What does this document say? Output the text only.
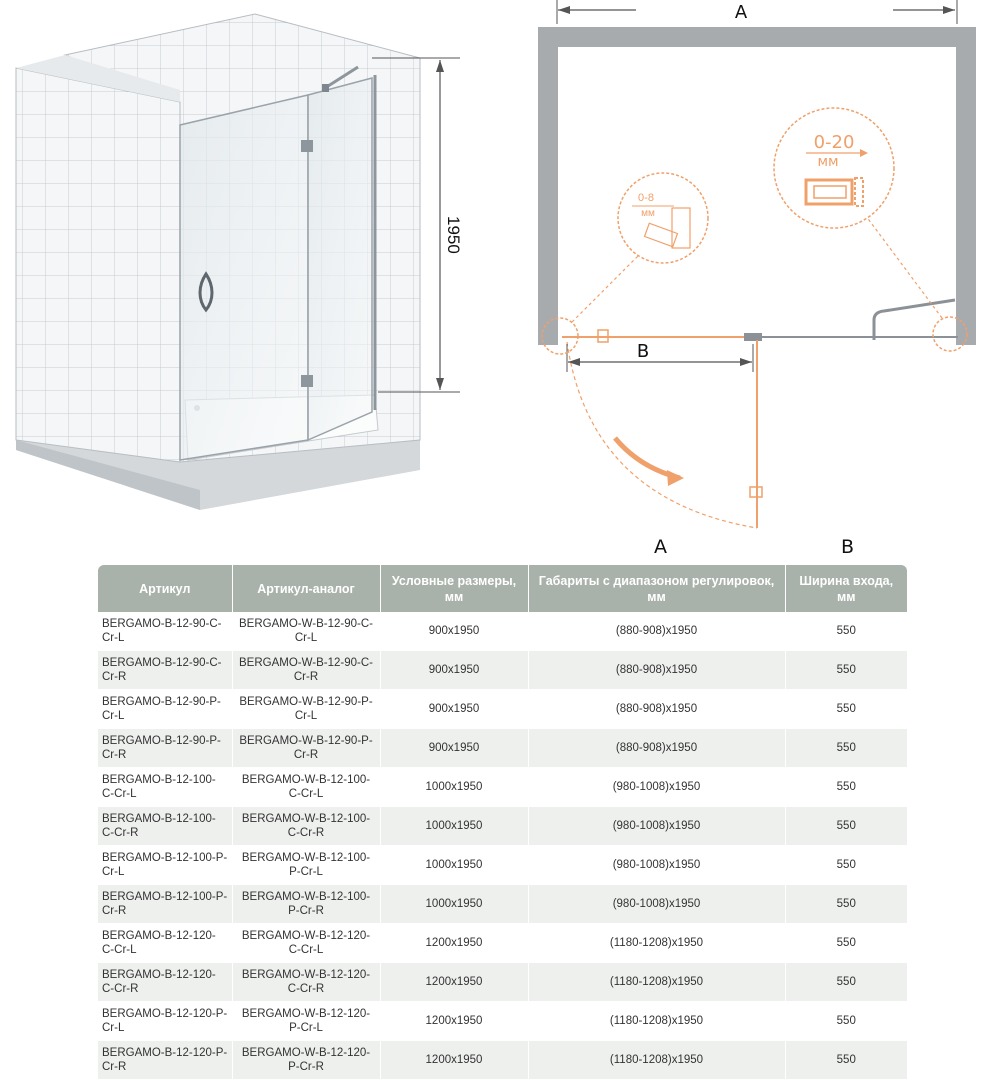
1950
A
B
0-8
мм
0-20
мм
A	B
Артикул	Артикул-аналог	Условные размеры, мм	Габариты с диапазоном регулировок, мм	Ширина входа, мм
BERGAMO-B-12-90-C-Cr-L	BERGAMO-W-B-12-90-C-Cr-L	900x1950	(880-908)x1950	550
BERGAMO-B-12-90-C-Cr-R	BERGAMO-W-B-12-90-C-Cr-R	900x1950	(880-908)x1950	550
BERGAMO-B-12-90-P-Cr-L	BERGAMO-W-B-12-90-P-Cr-L	900x1950	(880-908)x1950	550
BERGAMO-B-12-90-P-Cr-R	BERGAMO-W-B-12-90-P-Cr-R	900x1950	(880-908)x1950	550
BERGAMO-B-12-100-C-Cr-L	BERGAMO-W-B-12-100-C-Cr-L	1000x1950	(980-1008)x1950	550
BERGAMO-B-12-100-C-Cr-R	BERGAMO-W-B-12-100-C-Cr-R	1000x1950	(980-1008)x1950	550
BERGAMO-B-12-100-P-Cr-L	BERGAMO-W-B-12-100-P-Cr-L	1000x1950	(980-1008)x1950	550
BERGAMO-B-12-100-P-Cr-R	BERGAMO-W-B-12-100-P-Cr-R	1000x1950	(980-1008)x1950	550
BERGAMO-B-12-120-C-Cr-L	BERGAMO-W-B-12-120-C-Cr-L	1200x1950	(1180-1208)x1950	550
BERGAMO-B-12-120-C-Cr-R	BERGAMO-W-B-12-120-C-Cr-R	1200x1950	(1180-1208)x1950	550
BERGAMO-B-12-120-P-Cr-L	BERGAMO-W-B-12-120-P-Cr-L	1200x1950	(1180-1208)x1950	550
BERGAMO-B-12-120-P-Cr-R	BERGAMO-W-B-12-120-P-Cr-R	1200x1950	(1180-1208)x1950	550
